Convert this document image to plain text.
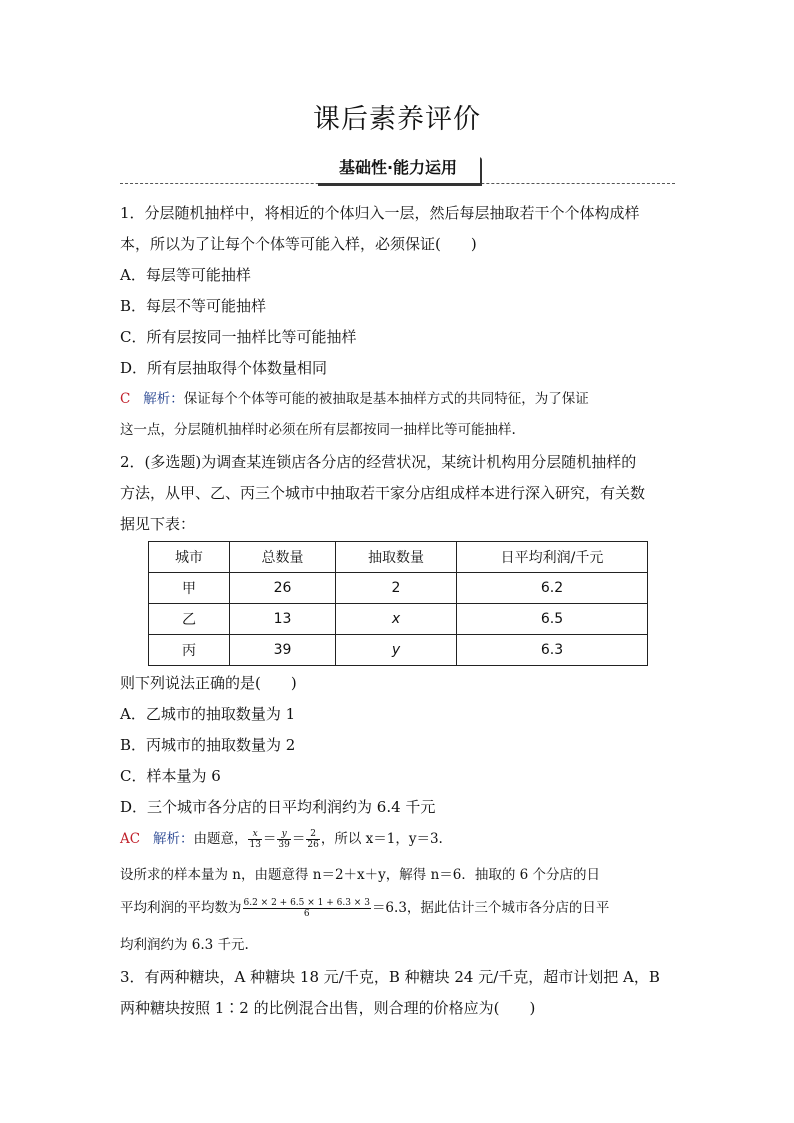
课后素养评价
基础性·能力运用
1．分层随机抽样中，将相近的个体归入一层，然后每层抽取若干个个体构成样
本，所以为了让每个个体等可能入样，必须保证(　　)
A．每层等可能抽样
B．每层不等可能抽样
C．所有层按同一抽样比等可能抽样
D．所有层抽取得个体数量相同
C 解析：保证每个个体等可能的被抽取是基本抽样方式的共同特征，为了保证
这一点，分层随机抽样时必须在所有层都按同一抽样比等可能抽样.
2．(多选题)为调查某连锁店各分店的经营状况，某统计机构用分层随机抽样的
方法，从甲、乙、丙三个城市中抽取若干家分店组成样本进行深入研究，有关数
据见下表：
城市	总数量	抽取数量	日平均利润/千元
甲	26	2	6.2
乙	13	x	6.5
丙	39	y	6.3
则下列说法正确的是(　　)
A．乙城市的抽取数量为 1
B．丙城市的抽取数量为 2
C．样本量为 6
D．三个城市各分店的日平均利润约为 6.4 千元
AC 解析：由题意， $\frac{x}{13} = \frac{y}{39} = \frac{2}{26}$ ，所以 x＝1，y＝3.
设所求的样本量为 n，由题意得 n＝2＋x＋y，解得 n＝6．抽取的 6 个分店的日
平均利润的平均数为 $\frac{6.2 \times 2 + 6.5 \times 1 + 6.3 \times 3}{6} =6.3$，据此估计三个城市各分店的日平
均利润约为 6.3 千元.
3．有两种糖块，A 种糖块 18 元/千克，B 种糖块 24 元/千克，超市计划把 A，B
两种糖块按照 1∶2 的比例混合出售，则合理的价格应为(　　)
